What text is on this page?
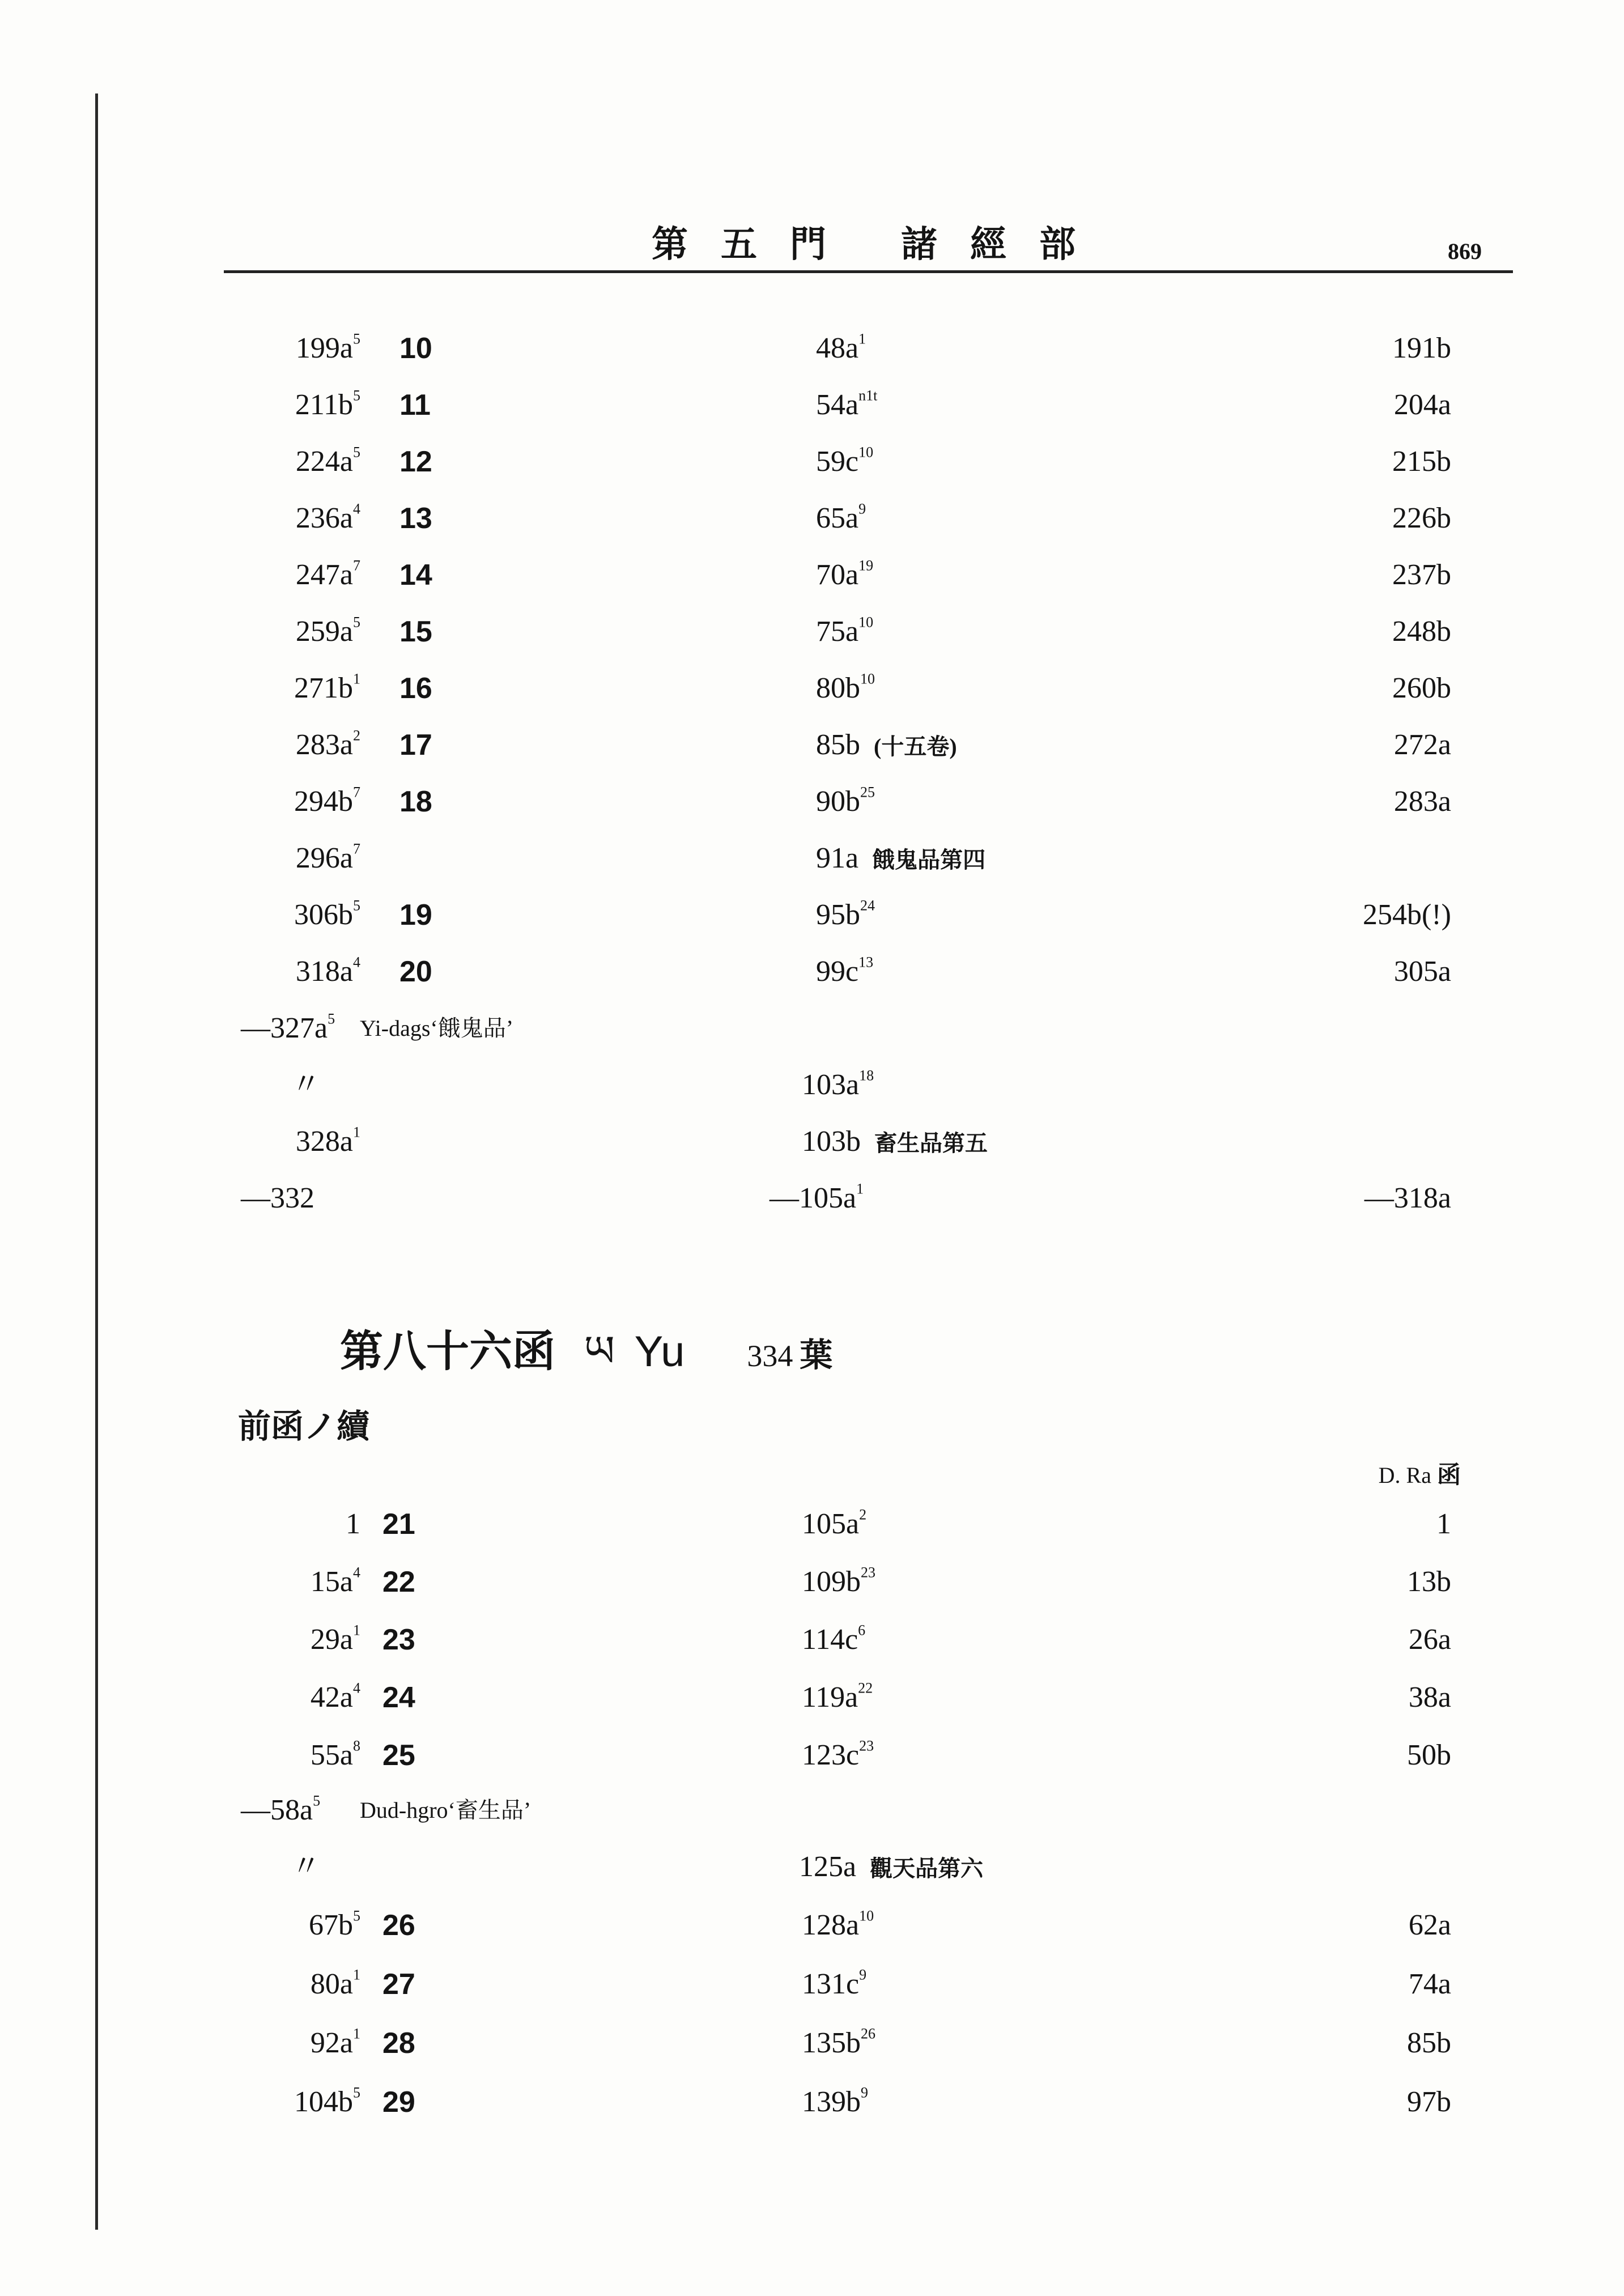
第五門 諸經部	869
$199a^5$ 10	$48a^1$	191b
$211b^5$ 11	$54a^{n1t}$	204a
$224a^5$ 12	$59c^{10}$	215b
$236a^4$ 13	$65a^9$	226b
$247a^7$ 14	$70a^{19}$	237b
$259a^5$ 15	$75a^{10}$	248b
$271b^1$ 16	$80b^{10}$	260b
$283a^2$ 17	85b (十五卷)	272a
$294b^7$ 18	$90b^{25}$	283a
$296a^7$	91a 餓鬼品第四
$306b^5$ 19	$95b^{24}$	254b(!)
$318a^4$ 20	$99c^{13}$	305a
$—327a^5$ Yi-dags‘餓鬼品’
〃	$103a^{18}$
$328a^1$	103b 畜生品第五
—332	$—105a^1$	—318a
第八十六函 ཡ Yu 334 葉
前函ノ續
D. Ra 函
1 21	$105a^2$	1
$15a^4$ 22	$109b^{23}$	13b
$29a^1$ 23	$114c^6$	26a
$42a^4$ 24	$119a^{22}$	38a
$55a^8$ 25	$123c^{23}$	50b
$—58a^5$ Dud-hgro‘畜生品’
〃	125a 觀天品第六
$67b^5$ 26	$128a^{10}$	62a
$80a^1$ 27	$131c^9$	74a
$92a^1$ 28	$135b^{26}$	85b
$104b^5$ 29	$139b^9$	97b
